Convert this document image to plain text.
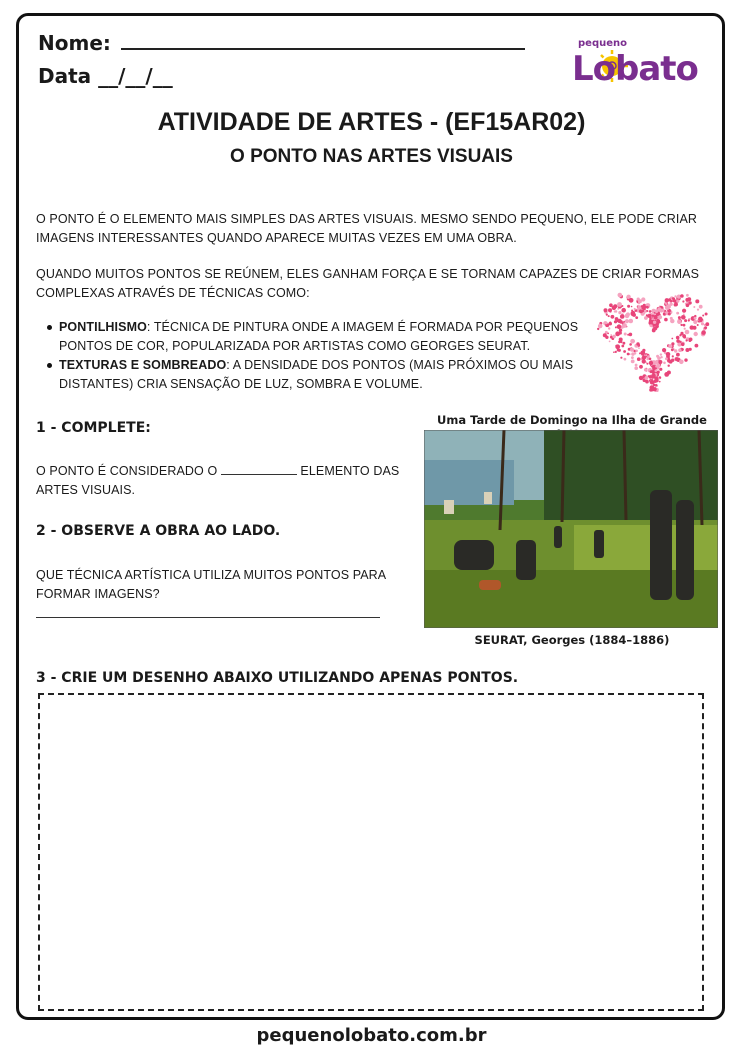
Nome:
Data __/__/__
pequeno
Lobato
ATIVIDADE DE ARTES - (EF15AR02)
O PONTO NAS ARTES VISUAIS
O PONTO É O ELEMENTO MAIS SIMPLES DAS ARTES VISUAIS. MESMO SENDO PEQUENO, ELE PODE CRIAR IMAGENS INTERESSANTES QUANDO APARECE MUITAS VEZES EM UMA OBRA.
QUANDO MUITOS PONTOS SE REÚNEM, ELES GANHAM FORÇA E SE TORNAM CAPAZES DE CRIAR FORMAS COMPLEXAS ATRAVÉS DE TÉCNICAS COMO:
PONTILHISMO: TÉCNICA DE PINTURA ONDE A IMAGEM É FORMADA POR PEQUENOS PONTOS DE COR, POPULARIZADA POR ARTISTAS COMO GEORGES SEURAT.
TEXTURAS E SOMBREADO: A DENSIDADE DOS PONTOS (MAIS PRÓXIMOS OU MAIS DISTANTES) CRIA SENSAÇÃO DE LUZ, SOMBRA E VOLUME.
1 - COMPLETE:
O PONTO É CONSIDERADO O	ELEMENTO DAS ARTES VISUAIS.
2 - OBSERVE A OBRA AO LADO.
QUE TÉCNICA ARTÍSTICA UTILIZA MUITOS PONTOS PARA FORMAR IMAGENS?
Uma Tarde de Domingo na Ilha de Grande
SEURAT, Georges (1884–1886)
3 - CRIE UM DESENHO ABAIXO UTILIZANDO APENAS PONTOS.
pequenolobato.com.br
